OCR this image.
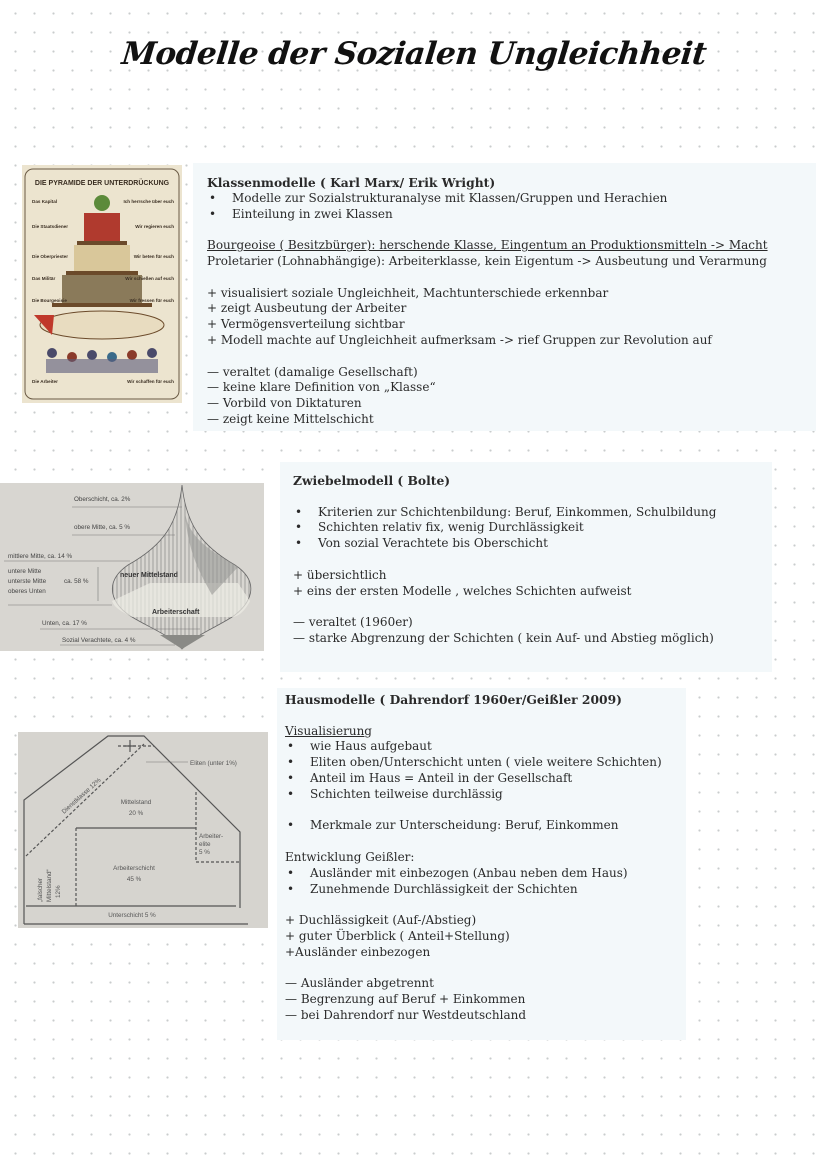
Modelle der Sozialen Ungleichheit
Klassenmodelle ( Karl Marx/ Erik Wright)
• Modelle zur Sozialstrukturanalyse mit Klassen/Gruppen und Herachien
• Einteilung in zwei Klassen
Bourgeoise ( Besitzbürger): herschende Klasse, Eingentum an Produktionsmitteln -> Macht
Proletarier (Lohnabhängige): Arbeiterklasse, kein Eigentum -> Ausbeutung und Verarmung
+ visualisiert soziale Ungleichheit, Machtunterschiede erkennbar
+ zeigt Ausbeutung der Arbeiter
+ Vermögensverteilung sichtbar
+ Modell machte auf Ungleichheit aufmerksam -> rief Gruppen zur Revolution auf
— veraltet (damalige Gesellschaft)
— keine klare Definition von „Klasse“
— Vorbild von Diktaturen
— zeigt keine Mittelschicht
DIE PYRAMIDE DER UNTERDRÜCKUNG
Das Kapital
Die Staatsdiener
Die Oberpriester
Das Militär
Die Bourgeoisie
Die Arbeiter
Ich herrsche über euch
Wir regieren euch
Wir beten für euch
Wir schießen auf euch
Wir fressen für euch
Wir schaffen für euch
Zwiebelmodell ( Bolte)
• Kriterien zur Schichtenbildung: Beruf, Einkommen, Schulbildung
• Schichten relativ fix, wenig Durchlässigkeit
• Von sozial Verachtete bis Oberschicht
+ übersichtlich
+ eins der ersten Modelle , welches Schichten aufweist
— veraltet (1960er)
— starke Abgrenzung der Schichten ( kein Auf- und Abstieg möglich)
Oberschicht, ca. 2%
obere Mitte, ca. 5 %
mittlere Mitte, ca. 14 %
untere Mitte
unterste Mitte
oberes Unten
ca. 58 %
Unten, ca. 17 %
Sozial Verachtete, ca. 4 %
neuer Mittelstand
Arbeiterschaft
Hausmodelle ( Dahrendorf 1960er/Geißler 2009)
Visualisierung
• wie Haus aufgebaut
• Eliten oben/Unterschicht unten ( viele weitere Schichten)
• Anteil im Haus = Anteil in der Gesellschaft
• Schichten teilweise durchlässig
• Merkmale zur Unterscheidung: Beruf, Einkommen
Entwicklung Geißler:
• Ausländer mit einbezogen (Anbau neben dem Haus)
• Zunehmende Durchlässigkeit der Schichten
+ Duchlässigkeit (Auf-/Abstieg)
+ guter Überblick ( Anteil+Stellung)
+Ausländer einbezogen
— Ausländer abgetrennt
— Begrenzung auf Beruf + Einkommen
— bei Dahrendorf nur Westdeutschland
Eliten (unter 1%)
Dienstklasse 12%	Mittelstand
20 %
Arbeiter-
elite
5 %
Arbeiterschicht
45 %
„falscher Mittelstand“ 12%
Unterschicht 5 %
